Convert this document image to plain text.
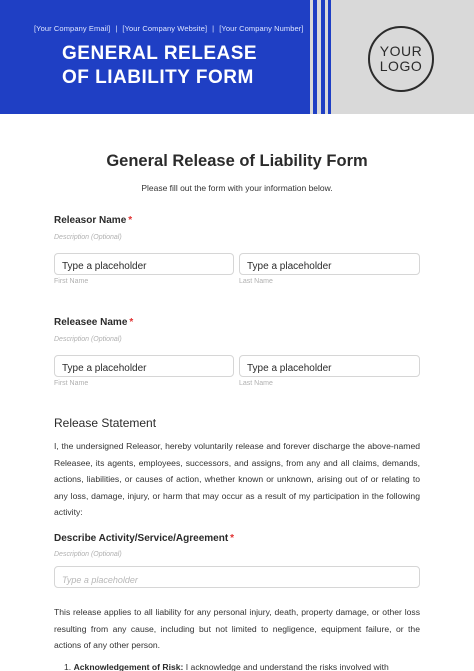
[Your Company Email] | [Your Company Website] | [Your Company Number]
GENERAL RELEASE
OF LIABILITY FORM
YOUR
LOGO
General Release of Liability Form
Please fill out the form with your information below.
Releasor Name *
Description (Optional)
Type a placeholder	Type a placeholder
First Name	Last Name
Releasee Name *
Description (Optional)
Type a placeholder	Type a placeholder
First Name	Last Name
Release Statement
I, the undersigned Releasor, hereby voluntarily release and forever discharge the above-named Releasee, its agents, employees, successors, and assigns, from any and all claims, demands, actions, liabilities, or causes of action, whether known or unknown, arising out of or relating to any loss, damage, injury, or harm that may occur as a result of my participation in the following activity:
Describe Activity/Service/Agreement *
Description (Optional)
Type a placeholder
This release applies to all liability for any personal injury, death, property damage, or other loss resulting from any cause, including but not limited to negligence, equipment failure, or the actions of any other person.
1. Acknowledgement of Risk: I acknowledge and understand the risks involved with
